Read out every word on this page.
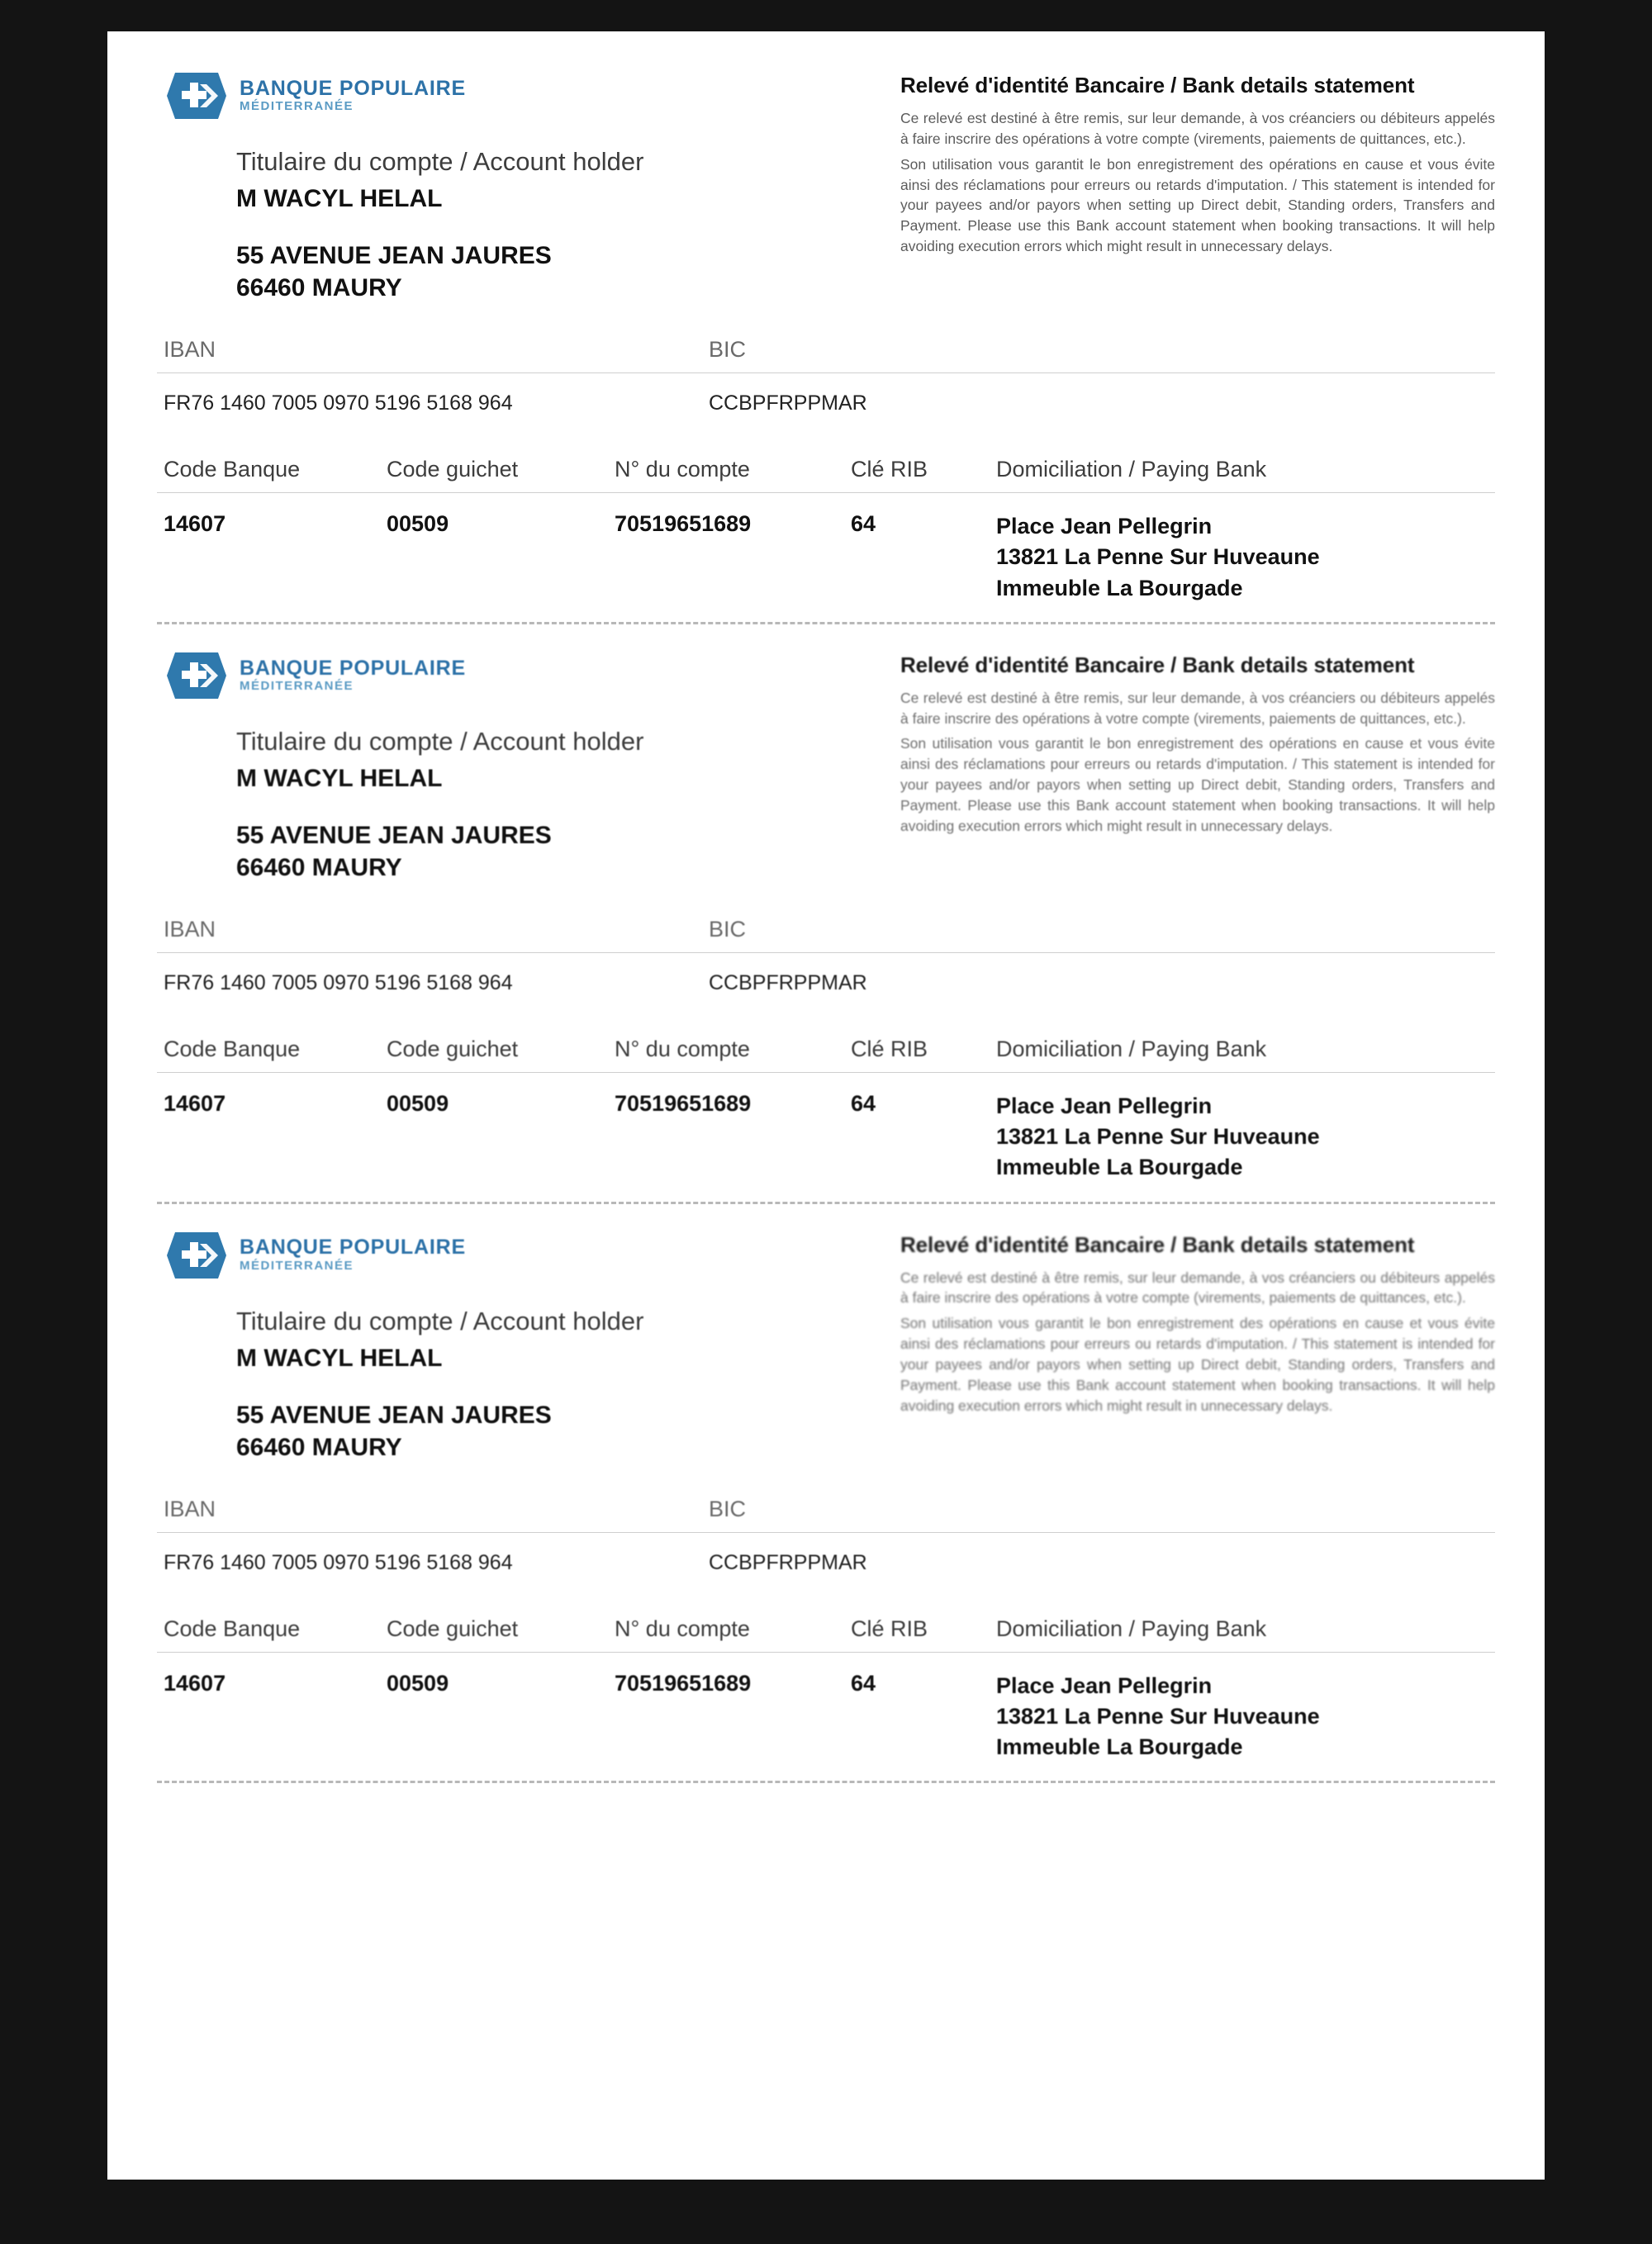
BANQUE POPULAIRE
MÉDITERRANÉE
Titulaire du compte / Account holder
M WACYL HELAL
55 AVENUE JEAN JAURES
66460 MAURY
Relevé d'identité Bancaire / Bank details statement

Ce relevé est destiné à être remis, sur leur demande, à vos créanciers ou débiteurs appelés à faire inscrire des opérations à votre compte (virements, paiements de quittances, etc.).

Son utilisation vous garantit le bon enregistrement des opérations en cause et vous évite ainsi des réclamations pour erreurs ou retards d'imputation. / This statement is intended for your payees and/or payors when setting up Direct debit, Standing orders, Transfers and Payment. Please use this Bank account statement when booking transactions. It will help avoiding execution errors which might result in unnecessary delays.

IBAN	BIC
FR76 1460 7005 0970 5196 5168 964	CCBPFRPPMAR
Code Banque	Code guichet	N° du compte	Clé RIB	Domiciliation / Paying Bank
14607	00509	70519651689	64	Place Jean Pellegrin
13821 La Penne Sur Huveaune
Immeuble La Bourgade
BANQUE POPULAIRE
MÉDITERRANÉE
Titulaire du compte / Account holder
M WACYL HELAL
55 AVENUE JEAN JAURES
66460 MAURY
Relevé d'identité Bancaire / Bank details statement

Ce relevé est destiné à être remis, sur leur demande, à vos créanciers ou débiteurs appelés à faire inscrire des opérations à votre compte (virements, paiements de quittances, etc.).

Son utilisation vous garantit le bon enregistrement des opérations en cause et vous évite ainsi des réclamations pour erreurs ou retards d'imputation. / This statement is intended for your payees and/or payors when setting up Direct debit, Standing orders, Transfers and Payment. Please use this Bank account statement when booking transactions. It will help avoiding execution errors which might result in unnecessary delays.

IBAN	BIC
FR76 1460 7005 0970 5196 5168 964	CCBPFRPPMAR
Code Banque	Code guichet	N° du compte	Clé RIB	Domiciliation / Paying Bank
14607	00509	70519651689	64	Place Jean Pellegrin
13821 La Penne Sur Huveaune
Immeuble La Bourgade
BANQUE POPULAIRE
MÉDITERRANÉE
Titulaire du compte / Account holder
M WACYL HELAL
55 AVENUE JEAN JAURES
66460 MAURY
Relevé d'identité Bancaire / Bank details statement

Ce relevé est destiné à être remis, sur leur demande, à vos créanciers ou débiteurs appelés à faire inscrire des opérations à votre compte (virements, paiements de quittances, etc.).

Son utilisation vous garantit le bon enregistrement des opérations en cause et vous évite ainsi des réclamations pour erreurs ou retards d'imputation. / This statement is intended for your payees and/or payors when setting up Direct debit, Standing orders, Transfers and Payment. Please use this Bank account statement when booking transactions. It will help avoiding execution errors which might result in unnecessary delays.

IBAN	BIC
FR76 1460 7005 0970 5196 5168 964	CCBPFRPPMAR
Code Banque	Code guichet	N° du compte	Clé RIB	Domiciliation / Paying Bank
14607	00509	70519651689	64	Place Jean Pellegrin
13821 La Penne Sur Huveaune
Immeuble La Bourgade
